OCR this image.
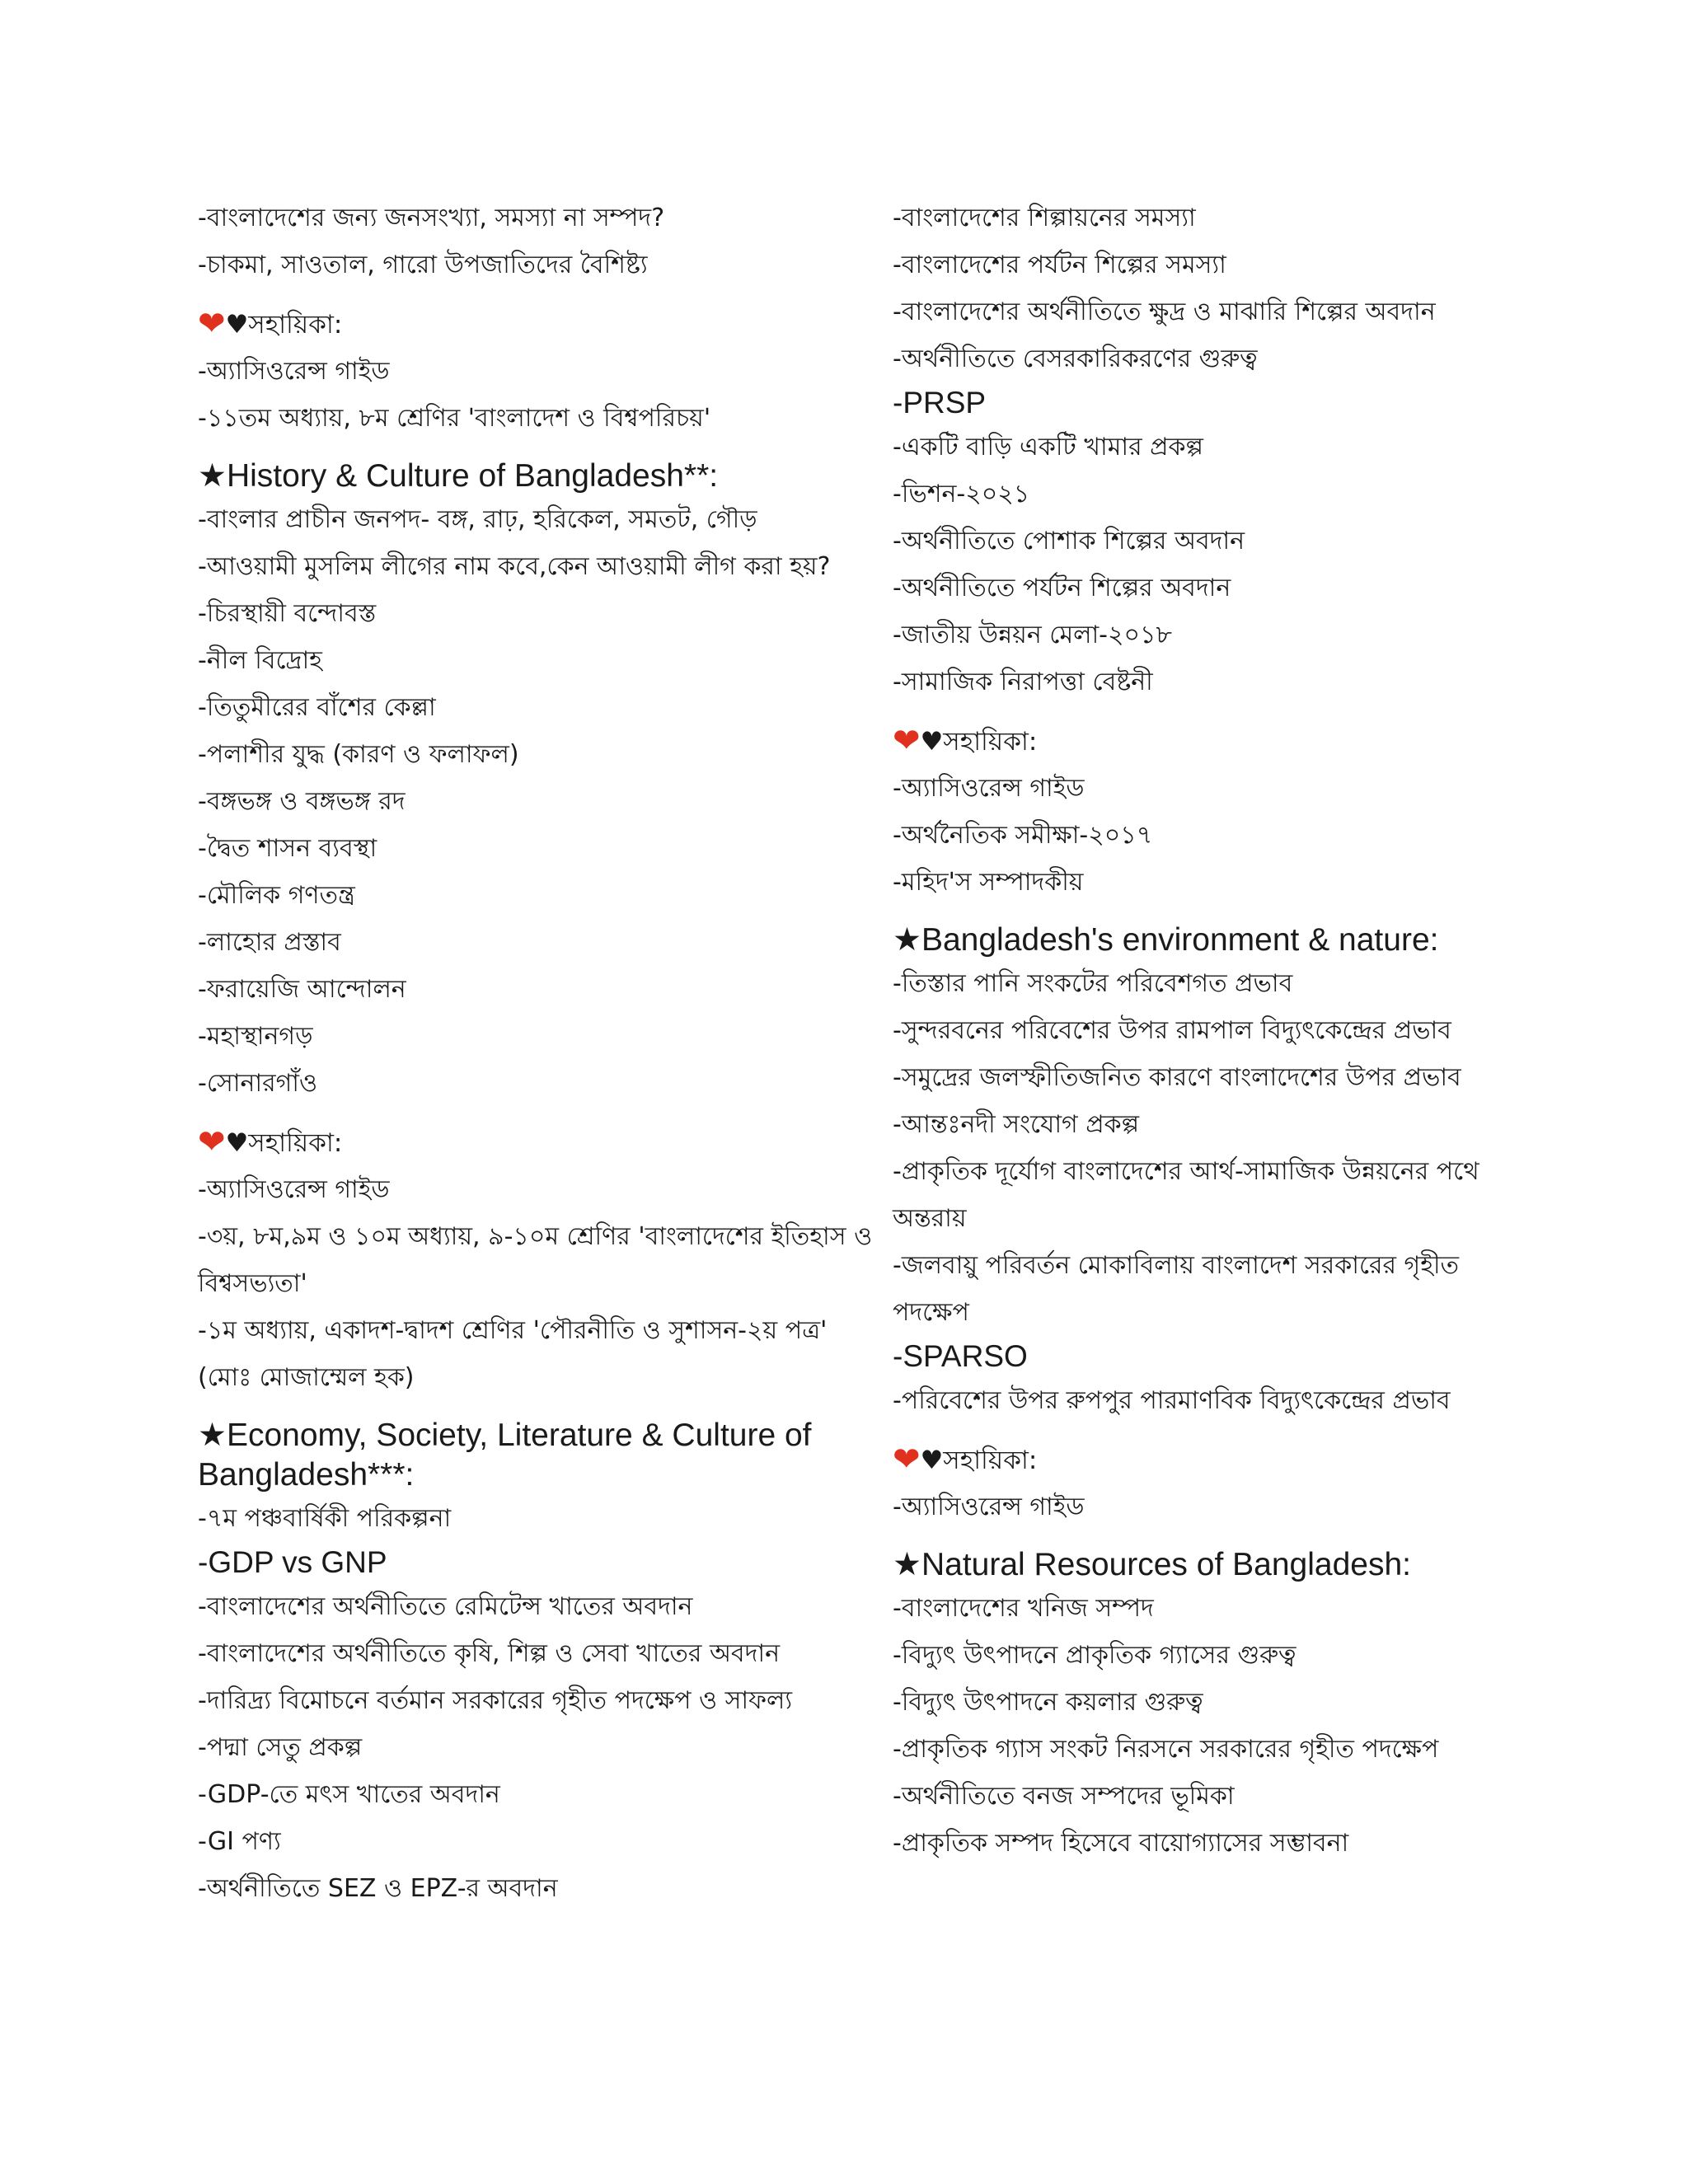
-বাংলাদেশের জন্য জনসংখ্যা, সমস্যা না সম্পদ?
-চাকমা, সাওতাল, গারো উপজাতিদের বৈশিষ্ট্য
❤♥সহায়িকা:
-অ্যাসিওরেন্স গাইড
-১১তম অধ্যায়, ৮ম শ্রেণির 'বাংলাদেশ ও বিশ্বপরিচয়'
★History & Culture of Bangladesh**:
-বাংলার প্রাচীন জনপদ- বঙ্গ, রাঢ়, হরিকেল, সমতট, গৌড়
-আওয়ামী মুসলিম লীগের নাম কবে,কেন আওয়ামী লীগ করা হয়?
-চিরস্থায়ী বন্দোবস্ত
-নীল বিদ্রোহ
-তিতুমীরের বাঁশের কেল্লা
-পলাশীর যুদ্ধ (কারণ ও ফলাফল)
-বঙ্গভঙ্গ ও বঙ্গভঙ্গ রদ
-দ্বৈত শাসন ব্যবস্থা
-মৌলিক গণতন্ত্র
-লাহোর প্রস্তাব
-ফরায়েজি আন্দোলন
-মহাস্থানগড়
-সোনারগাঁও
❤♥সহায়িকা:
-অ্যাসিওরেন্স গাইড
-৩য়, ৮ম,৯ম ও ১০ম অধ্যায়, ৯-১০ম শ্রেণির 'বাংলাদেশের ইতিহাস ও বিশ্বসভ্যতা'
-১ম অধ্যায়, একাদশ-দ্বাদশ শ্রেণির 'পৌরনীতি ও সুশাসন-২য় পত্র' (মোঃ মোজাম্মেল হক)
★Economy, Society, Literature & Culture of Bangladesh***:
-৭ম পঞ্চবার্ষিকী পরিকল্পনা
-GDP vs GNP
-বাংলাদেশের অর্থনীতিতে রেমিটেন্স খাতের অবদান
-বাংলাদেশের অর্থনীতিতে কৃষি, শিল্প ও সেবা খাতের অবদান
-দারিদ্র্য বিমোচনে বর্তমান সরকারের গৃহীত পদক্ষেপ ও সাফল্য
-পদ্মা সেতু প্রকল্প
-GDP-তে মৎস খাতের অবদান
-GI পণ্য
-অর্থনীতিতে SEZ ও EPZ-র অবদান
-বাংলাদেশের শিল্পায়নের সমস্যা
-বাংলাদেশের পর্যটন শিল্পের সমস্যা
-বাংলাদেশের অর্থনীতিতে ক্ষুদ্র ও মাঝারি শিল্পের অবদান
-অর্থনীতিতে বেসরকারিকরণের গুরুত্ব
-PRSP
-একটি বাড়ি একটি খামার প্রকল্প
-ভিশন-২০২১
-অর্থনীতিতে পোশাক শিল্পের অবদান
-অর্থনীতিতে পর্যটন শিল্পের অবদান
-জাতীয় উন্নয়ন মেলা-২০১৮
-সামাজিক নিরাপত্তা বেষ্টনী
❤♥সহায়িকা:
-অ্যাসিওরেন্স গাইড
-অর্থনৈতিক সমীক্ষা-২০১৭
-মহিদ'স সম্পাদকীয়
★Bangladesh's environment & nature:
-তিস্তার পানি সংকটের পরিবেশগত প্রভাব
-সুন্দরবনের পরিবেশের উপর রামপাল বিদ্যুৎকেন্দ্রের প্রভাব
-সমুদ্রের জলস্ফীতিজনিত কারণে বাংলাদেশের উপর প্রভাব
-আন্তঃনদী সংযোগ প্রকল্প
-প্রাকৃতিক দূর্যোগ বাংলাদেশের আর্থ-সামাজিক উন্নয়নের পথে অন্তরায়
-জলবায়ু পরিবর্তন মোকাবিলায় বাংলাদেশ সরকারের গৃহীত পদক্ষেপ
-SPARSO
-পরিবেশের উপর রুপপুর পারমাণবিক বিদ্যুৎকেন্দ্রের প্রভাব
❤♥সহায়িকা:
-অ্যাসিওরেন্স গাইড
★Natural Resources of Bangladesh:
-বাংলাদেশের খনিজ সম্পদ
-বিদ্যুৎ উৎপাদনে প্রাকৃতিক গ্যাসের গুরুত্ব
-বিদ্যুৎ উৎপাদনে কয়লার গুরুত্ব
-প্রাকৃতিক গ্যাস সংকট নিরসনে সরকারের গৃহীত পদক্ষেপ
-অর্থনীতিতে বনজ সম্পদের ভূমিকা
-প্রাকৃতিক সম্পদ হিসেবে বায়োগ্যাসের সম্ভাবনা
